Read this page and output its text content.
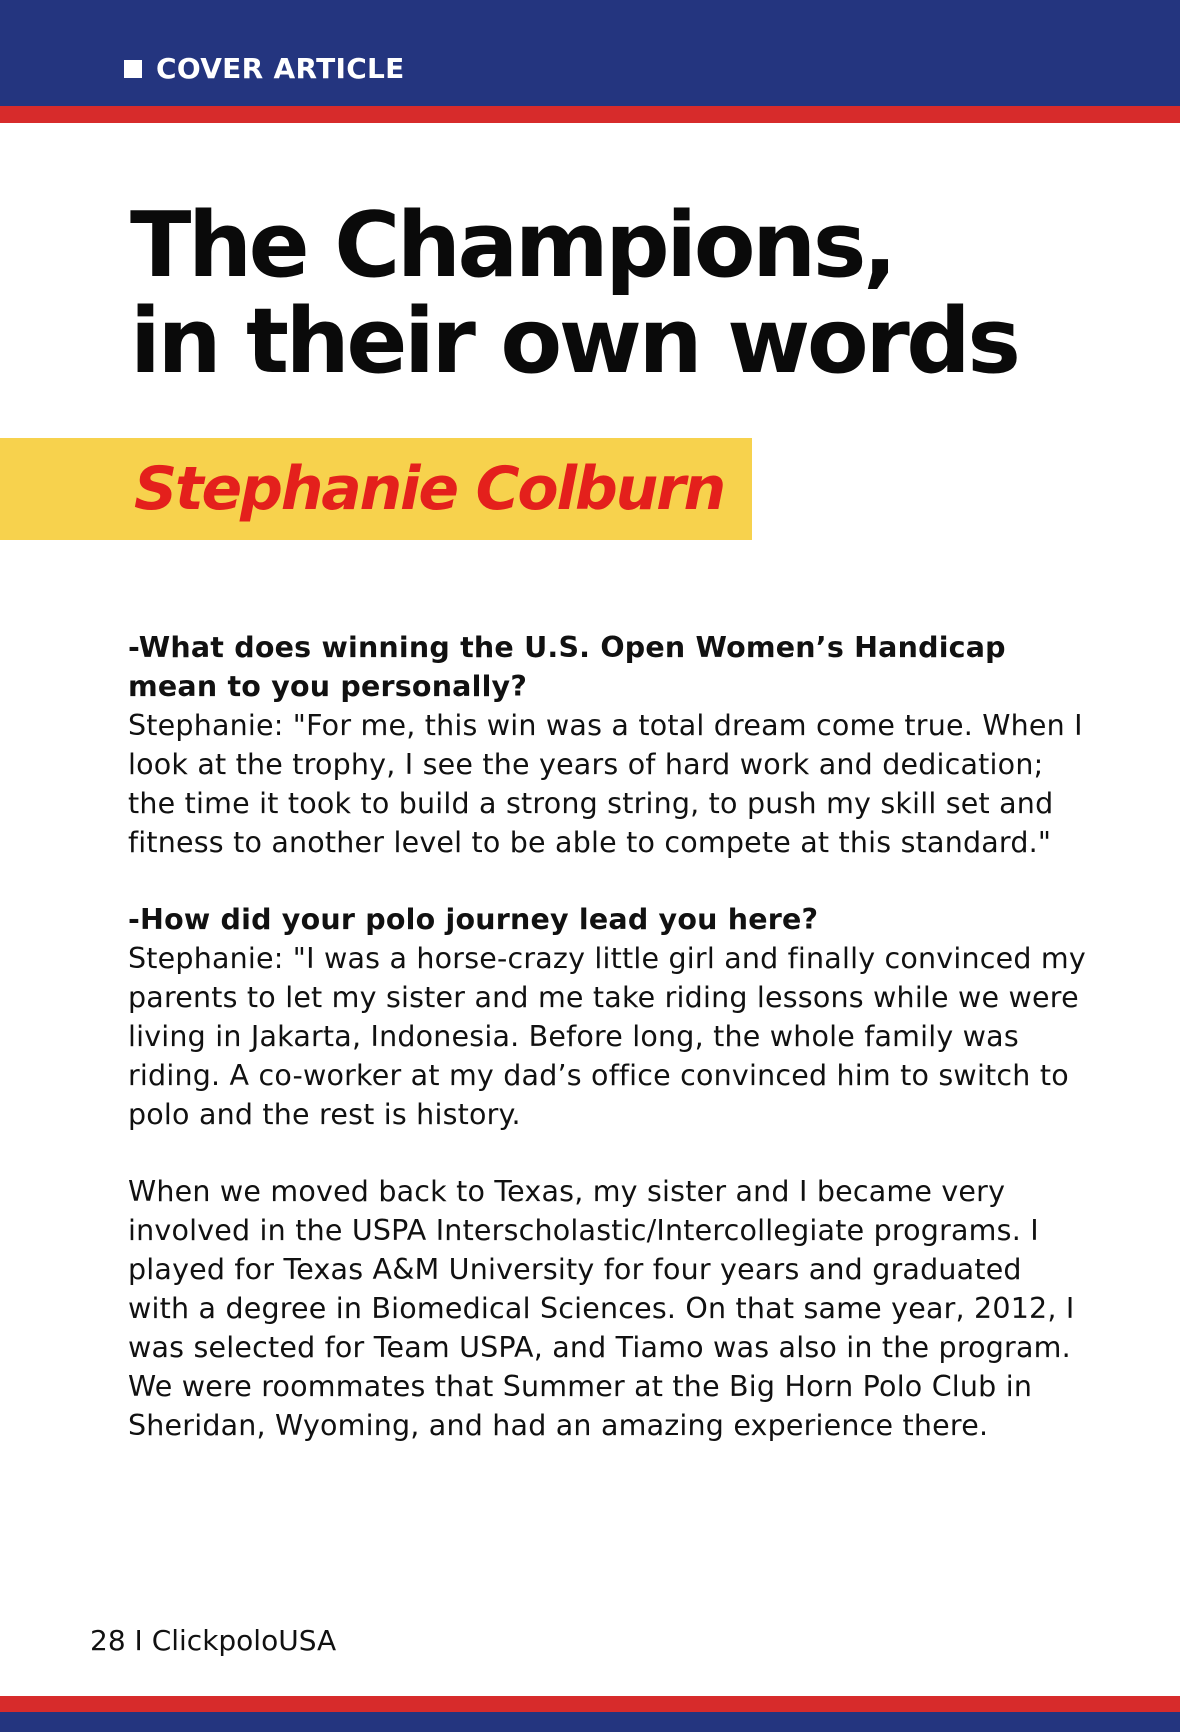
COVER ARTICLE
The Champions,
in their own words
Stephanie Colburn

-What does winning the U.S. Open Women’s Handicap mean to you personally?

Stephanie: "For me, this win was a total dream come true. When I look at the trophy, I see the years of hard work and dedication; the time it took to build a strong string, to push my skill set and fitness to another level to be able to compete at this standard."

-How did your polo journey lead you here?

Stephanie: "I was a horse-crazy little girl and finally convinced my parents to let my sister and me take riding lessons while we were living in Jakarta, Indonesia. Before long, the whole family was riding. A co-worker at my dad’s office convinced him to switch to polo and the rest is history.

When we moved back to Texas, my sister and I became very involved in the USPA Interscholastic/Intercollegiate programs. I played for Texas A&M University for four years and graduated with a degree in Biomedical Sciences. On that same year, 2012, I was selected for Team USPA, and Tiamo was also in the program. We were roommates that Summer at the Big Horn Polo Club in Sheridan, Wyoming, and had an amazing experience there.

28 I ClickpoloUSA
